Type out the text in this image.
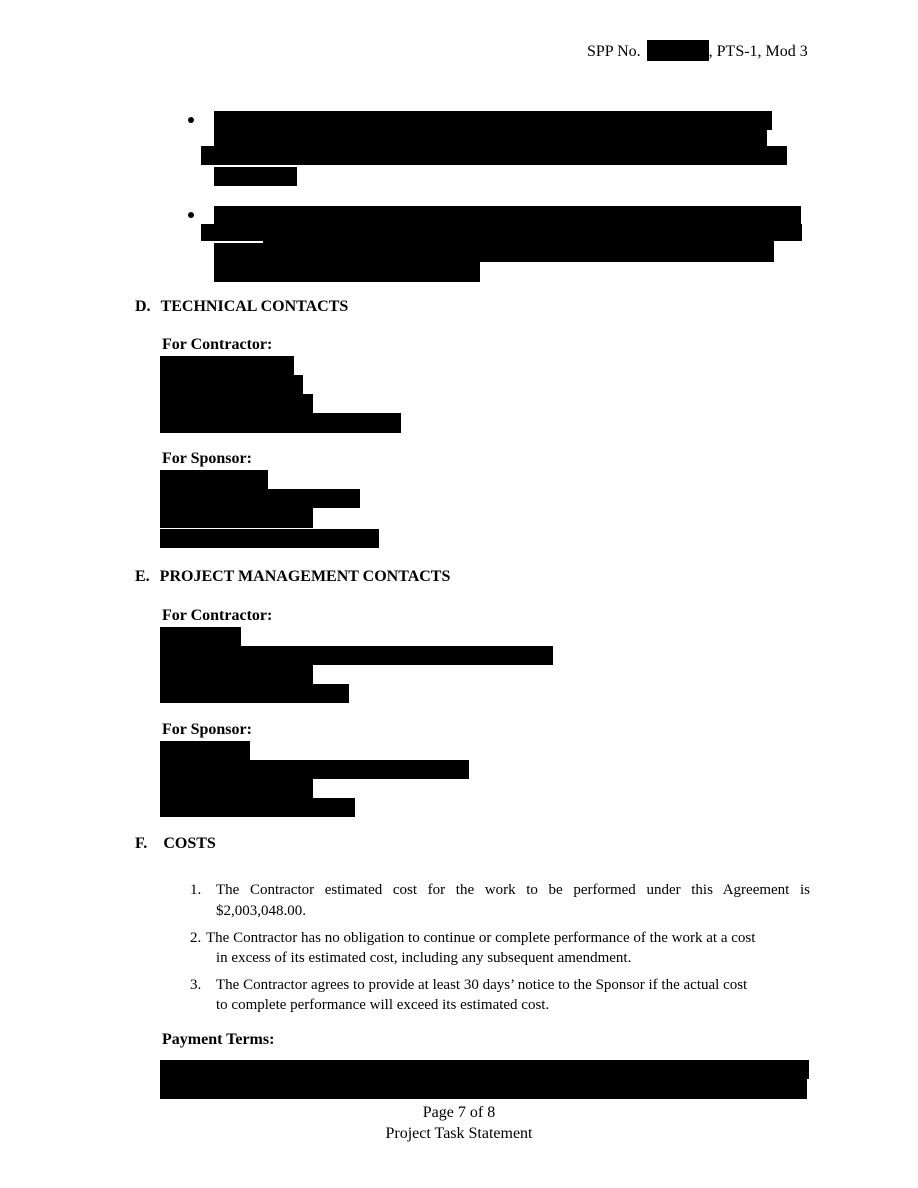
SPP No.	, PTS-1, Mod 3
D. TECHNICAL CONTACTS
For Contractor:
For Sponsor:
E. PROJECT MANAGEMENT CONTACTS
For Contractor:
For Sponsor:
F. COSTS
1. The Contractor estimated cost for the work to be performed under this Agreement is
$2,003,048.00.
2. The Contractor has no obligation to continue or complete performance of the work at a cost
in excess of its estimated cost, including any subsequent amendment.
3. The Contractor agrees to provide at least 30 days’ notice to the Sponsor if the actual cost
to complete performance will exceed its estimated cost.
Payment Terms:
Page 7 of 8
Project Task Statement
